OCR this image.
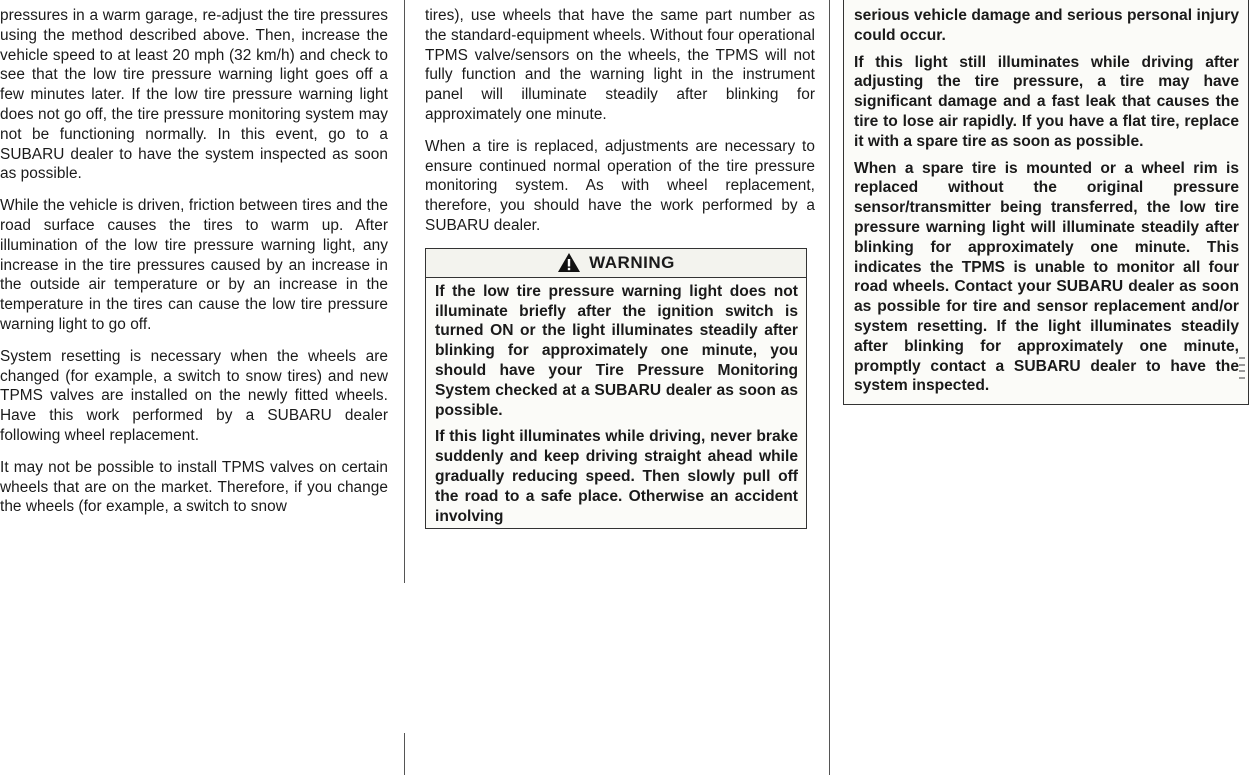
pressures in a warm garage, re-adjust the tire pressures using the method described above. Then, increase the vehicle speed to at least 20 mph (32 km/h) and check to see that the low tire pressure warning light goes off a few minutes later. If the low tire pressure warning light does not go off, the tire pressure monitoring system may not be functioning normally. In this event, go to a SUBARU dealer to have the system inspected as soon as possible.

While the vehicle is driven, friction between tires and the road surface causes the tires to warm up. After illumination of the low tire pressure warning light, any increase in the tire pressures caused by an increase in the outside air temperature or by an increase in the temperature in the tires can cause the low tire pressure warning light to go off.

System resetting is necessary when the wheels are changed (for example, a switch to snow tires) and new TPMS valves are installed on the newly fitted wheels. Have this work performed by a SUBARU dealer following wheel replacement.

It may not be possible to install TPMS valves on certain wheels that are on the market. Therefore, if you change the wheels (for example, a switch to snow

tires), use wheels that have the same part number as the standard-equipment wheels. Without four operational TPMS valve/sensors on the wheels, the TPMS will not fully function and the warning light in the instrument panel will illuminate steadily after blinking for approximately one minute.

When a tire is replaced, adjustments are necessary to ensure continued normal operation of the tire pressure monitoring system. As with wheel replacement, therefore, you should have the work performed by a SUBARU dealer.

WARNING

If the low tire pressure warning light does not illuminate briefly after the ignition switch is turned ON or the light illuminates steadily after blinking for approximately one minute, you should have your Tire Pressure Monitoring System checked at a SUBARU dealer as soon as possible.

If this light illuminates while driving, never brake suddenly and keep driving straight ahead while gradually reducing speed. Then slowly pull off the road to a safe place. Otherwise an accident involving

serious vehicle damage and serious personal injury could occur.

If this light still illuminates while driving after adjusting the tire pressure, a tire may have significant damage and a fast leak that causes the tire to lose air rapidly. If you have a flat tire, replace it with a spare tire as soon as possible.

When a spare tire is mounted or a wheel rim is replaced without the original pressure sensor/transmitter being transferred, the low tire pressure warning light will illuminate steadily after blinking for approximately one minute. This indicates the TPMS is unable to monitor all four road wheels. Contact your SUBARU dealer as soon as possible for tire and sensor replacement and/or system resetting. If the light illuminates steadily after blinking for approximately one minute, promptly contact a SUBARU dealer to have the system inspected.
